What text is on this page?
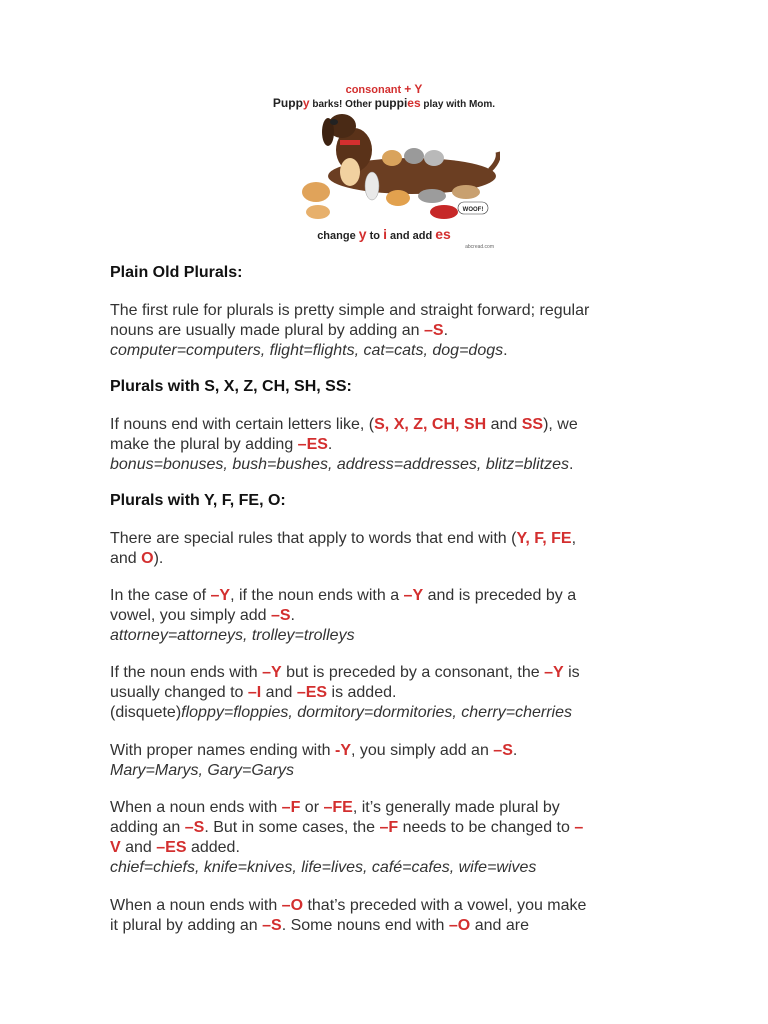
consonant + Y
Puppy barks! Other puppies play with Mom.
WOOF!
change y to i and add es
abcread.com
Plain Old Plurals:
The first rule for plurals is pretty simple and straight forward; regular
nouns are usually made plural by adding an –S.
computer=computers, flight=flights, cat=cats, dog=dogs.
Plurals with S, X, Z, CH, SH, SS:
If nouns end with certain letters like, (S, X, Z, CH, SH and SS), we
make the plural by adding –ES.
bonus=bonuses, bush=bushes, address=addresses, blitz=blitzes.
Plurals with Y, F, FE, O:
There are special rules that apply to words that end with (Y, F, FE,
and O).
In the case of –Y, if the noun ends with a –Y and is preceded by a
vowel, you simply add –S.
attorney=attorneys, trolley=trolleys
If the noun ends with –Y but is preceded by a consonant, the –Y is
usually changed to –I and –ES is added.
(disquete)floppy=floppies, dormitory=dormitories, cherry=cherries
With proper names ending with -Y, you simply add an –S.
Mary=Marys, Gary=Garys
When a noun ends with –F or –FE, it’s generally made plural by
adding an –S. But in some cases, the –F needs to be changed to –
V and –ES added.
chief=chiefs, knife=knives, life=lives, café=cafes, wife=wives
When a noun ends with –O that’s preceded with a vowel, you make
it plural by adding an –S. Some nouns end with –O and are
